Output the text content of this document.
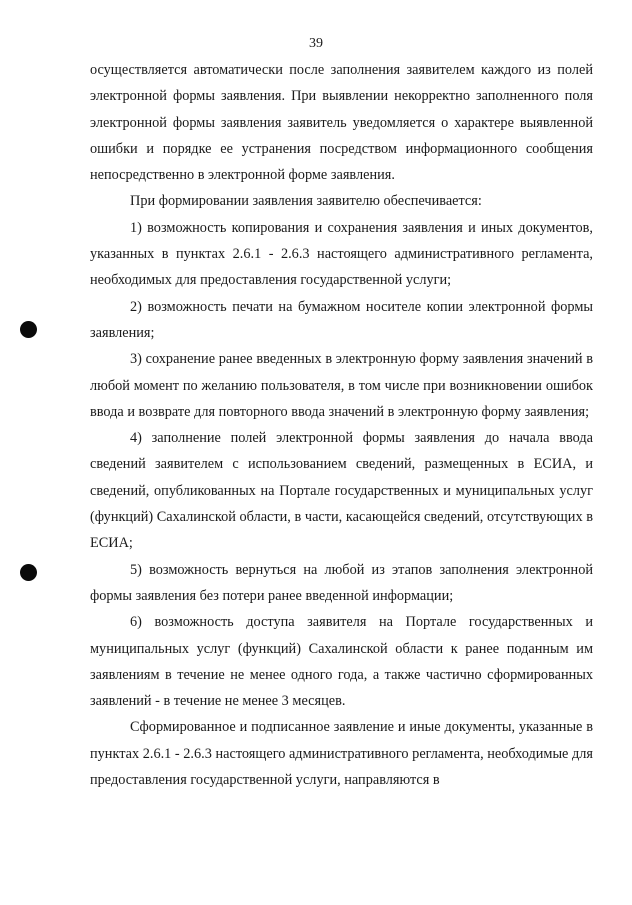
39

осуществляется автоматически после заполнения заявителем каждого из полей электронной формы заявления. При выявлении некорректно заполненного поля электронной формы заявления заявитель уведомляется о характере выявленной ошибки и порядке ее устранения посредством информационного сообщения непосредственно в электронной форме заявления.

При формировании заявления заявителю обеспечивается:

1) возможность копирования и сохранения заявления и иных документов, указанных в пунктах 2.6.1 - 2.6.3 настоящего административного регламента, необходимых для предоставления государственной услуги;

2) возможность печати на бумажном носителе копии электронной формы заявления;

3) сохранение ранее введенных в электронную форму заявления значений в любой момент по желанию пользователя, в том числе при возникновении ошибок ввода и возврате для повторного ввода значений в электронную форму заявления;

4) заполнение полей электронной формы заявления до начала ввода сведений заявителем с использованием сведений, размещенных в ЕСИА, и сведений, опубликованных на Портале государственных и муниципальных услуг (функций) Сахалинской области, в части, касающейся сведений, отсутствующих в ЕСИА;

5) возможность вернуться на любой из этапов заполнения электронной формы заявления без потери ранее введенной информации;

6) возможность доступа заявителя на Портале государственных и муниципальных услуг (функций) Сахалинской области к ранее поданным им заявлениям в течение не менее одного года, а также частично сформированных заявлений - в течение не менее 3 месяцев.

Сформированное и подписанное заявление и иные документы, указанные в пунктах 2.6.1 - 2.6.3 настоящего административного регламента, необходимые для предоставления государственной услуги, направляются в
